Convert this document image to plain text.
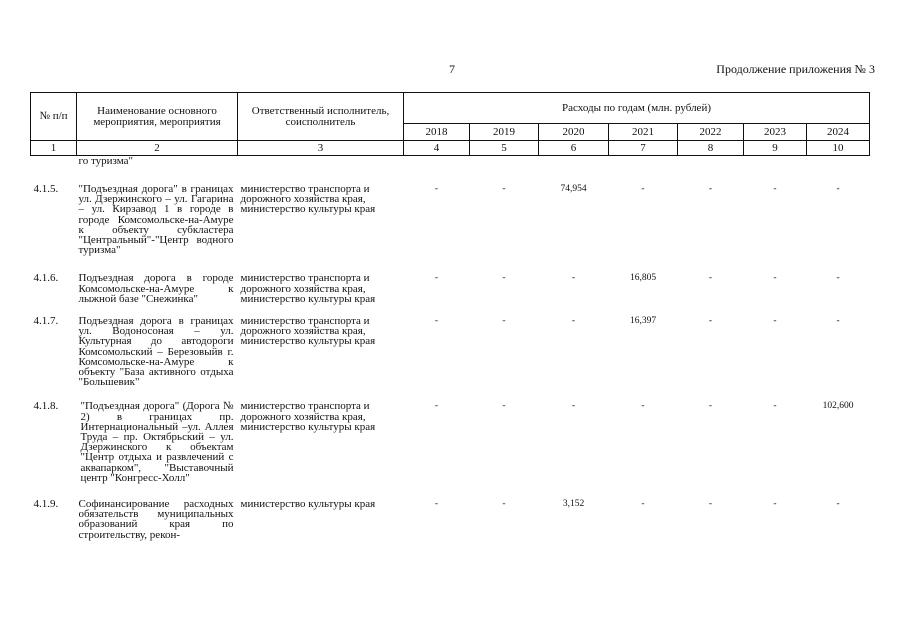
7	Продолжение приложения № 3
№ п/п	Наименование основного мероприятия, мероприятия	Ответственный исполнитель, соисполнитель	Расходы по годам (млн. рублей)						
			2018	2019	2020	2021	2022	2023	2024
1	2	3	4	5	6	7	8	9	10
	го туризма"								

4.1.5.	"Подъездная дорога" в границах ул. Дзержинского – ул. Гагарина – ул. Кирзавод 1 в городе в городе Комсомольске-на-Амуре к объекту субкластера "Центральный"-"Центр водного туризма"	министерство транспорта и дорожного хозяйства края, министерство культуры края	-	-	74,954	-	-	-	-

4.1.6.	Подъездная дорога в городе Комсомольске-на-Амуре к лыжной базе "Снежинка"	министерство транспорта и дорожного хозяйства края, министерство культуры края	-	-	-	16,805	-	-	-

4.1.7.	Подъездная дорога в границах ул. Водоносоная – ул. Культурная до автодороги Комсомольский – Березовыйв г. Комсомольске-на-Амуре к объекту "База активного отдыха "Большевик"	министерство транспорта и дорожного хозяйства края, министерство культуры края	-	-	-	16,397	-	-	-

4.1.8.	"Подъездная дорога" (Дорога № 2) в границах пр. Интернациональный –ул. Аллея Труда – пр. Октябрьский – ул. Дзержинского к объектам "Центр отдыха и развлечений с аквапарком", "Выставочный центр "Конгресс-Холл"	министерство транспорта и дорожного хозяйства края, министерство культуры края	-	-	-	-	-	-	102,600

4.1.9.	Софинансирование расходных обязательств муниципальных образований края по строительству, рекон-	министерство культуры края	-	-	3,152	-	-	-	-
